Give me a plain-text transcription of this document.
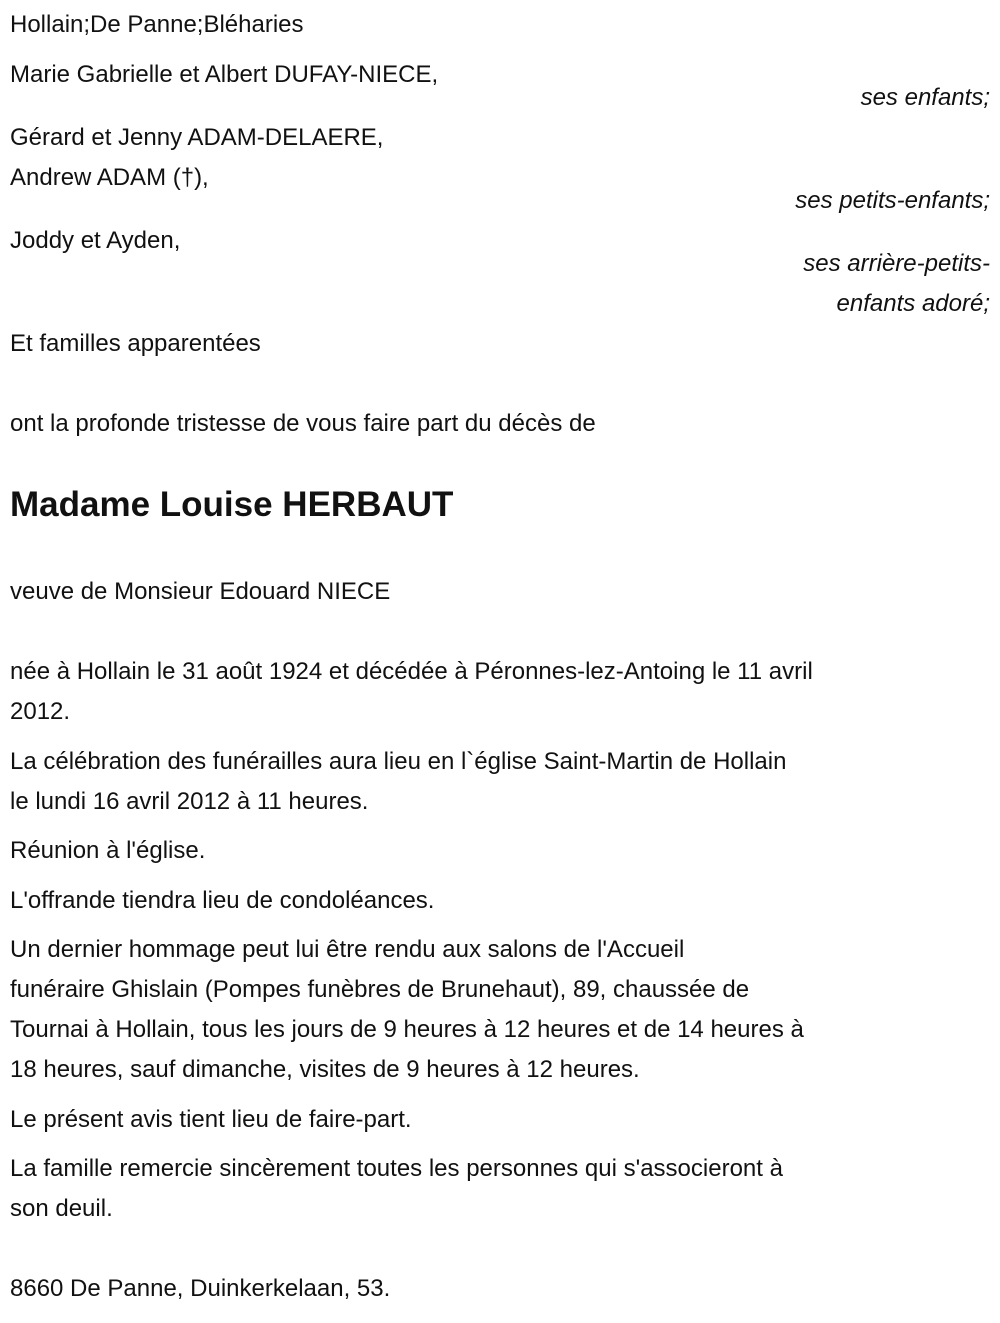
Hollain;De Panne;Bléharies
Marie Gabrielle et Albert DUFAY-NIECE,
ses enfants;
Gérard et Jenny ADAM-DELAERE,
Andrew ADAM (†),
ses petits-enfants;
Joddy et Ayden,
ses arrière-petits-
enfants adoré;
Et familles apparentées
ont la profonde tristesse de vous faire part du décès de
Madame Louise HERBAUT
veuve de Monsieur Edouard NIECE
née à Hollain le 31 août 1924 et décédée à Péronnes-lez-Antoing le 11 avril
2012.
La célébration des funérailles aura lieu en l`église Saint-Martin de Hollain
le lundi 16 avril 2012 à 11 heures.
Réunion à l'église.
L'offrande tiendra lieu de condoléances.
Un dernier hommage peut lui être rendu aux salons de l'Accueil
funéraire Ghislain (Pompes funèbres de Brunehaut), 89, chaussée de
Tournai à Hollain, tous les jours de 9 heures à 12 heures et de 14 heures à
18 heures, sauf dimanche, visites de 9 heures à 12 heures.
Le présent avis tient lieu de faire-part.
La famille remercie sincèrement toutes les personnes qui s'associeront à
son deuil.
8660 De Panne, Duinkerkelaan, 53.
